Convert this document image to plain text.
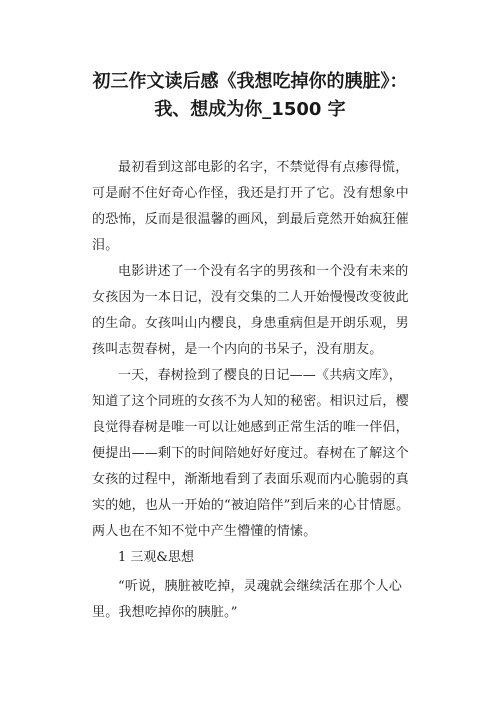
初三作文读后感《我想吃掉你的胰脏》：
我、想成为你_1500 字
最初看到这部电影的名字，不禁觉得有点瘆得慌，
可是耐不住好奇心作怪，我还是打开了它。没有想象中
的恐怖，反而是很温馨的画风，到最后竟然开始疯狂催
泪。
电影讲述了一个没有名字的男孩和一个没有未来的
女孩因为一本日记，没有交集的二人开始慢慢改变彼此
的生命。女孩叫山内樱良，身患重病但是开朗乐观，男
孩叫志贺春树，是一个内向的书呆子，没有朋友。
一天，春树捡到了樱良的日记——《共病文库》，
知道了这个同班的女孩不为人知的秘密。相识过后，樱
良觉得春树是唯一可以让她感到正常生活的唯一伴侣，
便提出——剩下的时间陪她好好度过。春树在了解这个
女孩的过程中，渐渐地看到了表面乐观而内心脆弱的真
实的她，也从一开始的“被迫陪伴”到后来的心甘情愿。
两人也在不知不觉中产生懵懂的情愫。
1 三观&思想
“听说，胰脏被吃掉，灵魂就会继续活在那个人心
里。我想吃掉你的胰脏。”
